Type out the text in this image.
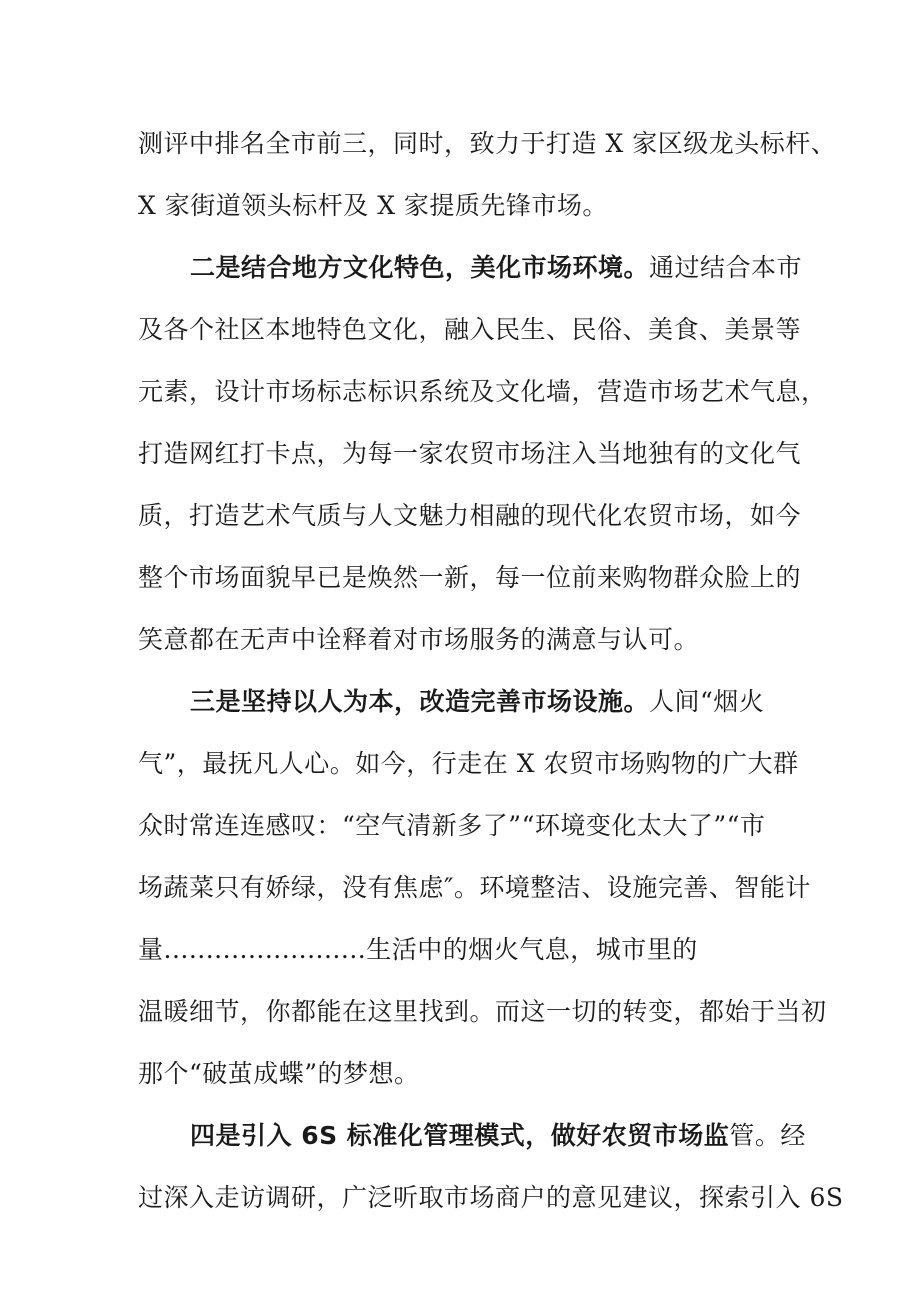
测评中排名全市前三，同时，致力于打造 X 家区级龙头标杆、
X 家街道领头标杆及 X 家提质先锋市场。
二是结合地方文化特色，美化市场环境。通过结合本市
及各个社区本地特色文化，融入民生、民俗、美食、美景等
元素，设计市场标志标识系统及文化墙，营造市场艺术气息，
打造网红打卡点，为每一家农贸市场注入当地独有的文化气
质，打造艺术气质与人文魅力相融的现代化农贸市场，如今
整个市场面貌早已是焕然一新，每一位前来购物群众脸上的
笑意都在无声中诠释着对市场服务的满意与认可。
三是坚持以人为本，改造完善市场设施。人间“烟火
气”，最抚凡人心。如今，行走在 X 农贸市场购物的广大群
众时常连连感叹：“空气清新多了”“环境变化太大了”“市
场蔬菜只有娇绿，没有焦虑″。环境整洁、设施完善、智能计
量........................生活中的烟火气息，城市里的
温暖细节，你都能在这里找到。而这一切的转变，都始于当初
那个“破茧成蝶”的梦想。
四是引入 6S 标准化管理模式，做好农贸市场监管。经
过深入走访调研，广泛听取市场商户的意见建议，探索引入 6S
